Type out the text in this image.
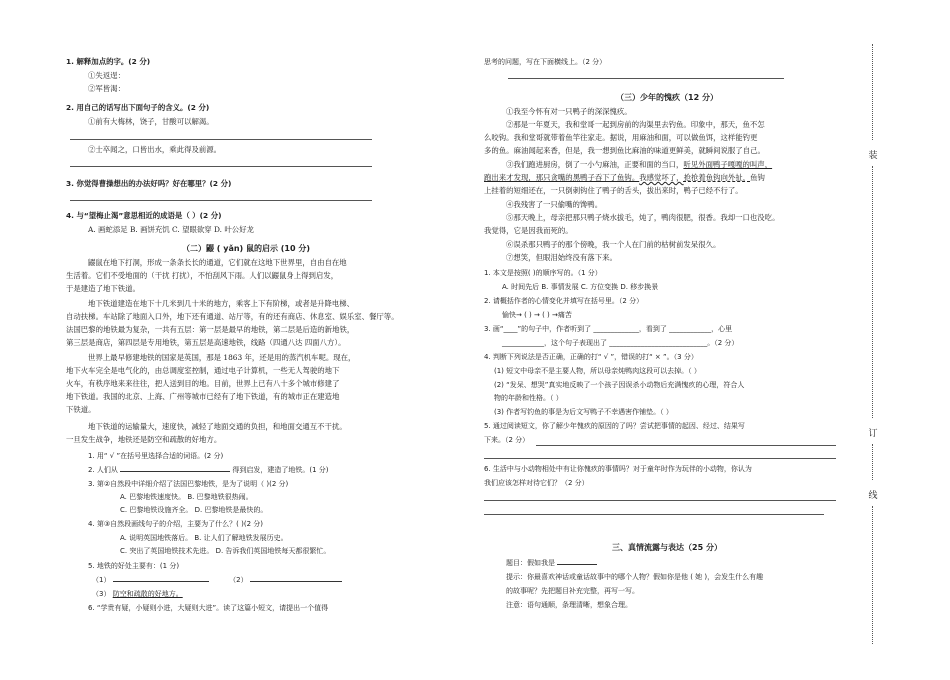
1. 解释加点的字。(2 分)
①失返逞：
②军皆渴：
2. 用自己的话写出下面句子的含义。(2 分)
①前有大梅林，饶子，甘酸可以解渴。
②士卒闻之，口皆出水，乘此得及前源。
3. 你觉得曹操想出的办法好吗？好在哪里？(2 分)
4. 与“望梅止渴”意思相近的成语是（ ）(2 分)
A. 画蛇添足 B. 画饼充饥 C. 望眼欲穿 D. 叶公好龙
（二）鼹 ( yǎn) 鼠的启示 (10 分)
鼹鼠在地下打洞，形成一条条长长的通道，它们就在这地下世界里，自由自在地
生活着。它们不受地面的（干扰 打扰），不怕刮风下雨。人们以鼹鼠身上得到启发，
于是建造了地下铁道。
地下铁道建造在地下十几米到几十米的地方，乘客上下有阶梯，或者是升降电梯、
自动扶梯。车站除了地面入口外，地下还有通道、站厅等，有的还有商店、休息室、娱乐室、餐厅等。
法国巴黎的地铁最为复杂，一共有五层：第一层是最早的地铁，第二层是后造的新地铁，
第三层是商店，第四层是专用地铁，第五层是高速地铁，线路（四通八达 四面八方）。
世界上最早修建地铁的国家是英国，那是 1863 年，还是用的蒸汽机车呢。现在，
地下火车完全是电气化的，由总调度室控制，通过电子计算机，一些无人驾驶的地下
火车，有秩序地来来往往，把人送到目的地。目前，世界上已有八十多个城市修建了
地下铁道。我国的北京、上海、广州等城市已经有了地下铁道，有的城市正在建造地
下铁道。
地下铁道的运输量大，速度快，减轻了地面交通的负担，和地面交通互不干扰。
一旦发生战争，地铁还是防空和疏散的好地方。
1. 用“ √ ”在括号里选择合适的词语。(2 分)
2. 人们从	得到启发，建造了地铁。(1 分)
3. 第②自然段中详细介绍了法国巴黎地铁，是为了说明（ )(2 分)
A. 巴黎地铁速度快。 B. 巴黎地铁很热闹。
C. 巴黎地铁设施齐全。 D. 巴黎地铁是最快的。
4. 第③自然段画线句子的介绍，主要为了什么？( )(2 分)
A. 说明英国地铁落后。 B. 让人们了解地铁发展历史。
C. 突出了英国地铁技术先进。 D. 告诉我们英国地铁每天都很繁忙。
5. 地铁的好处主要有：(1 分)
（1）	（2）
（3） 防空和疏散的好地方。
6. “学贵有疑，小疑则小进，大疑则大进”。读了这篇小短文，请提出一个值得
思考的问题，写在下面横线上。（2 分）
（三）少年的愧疚（12 分）
①我至今怀有对一只鸭子的深深愧疚。
②那是一年夏天，我和堂哥一起到房前的沟渠里去钓鱼。印象中，那天，鱼不怎
么咬钩。我和堂哥就带着鱼竿往家走。据说，用麻油和面，可以做鱼饵，这样能钓更
多的鱼。麻油闻起来香，但是，我一想到鱼比麻油的味道更鲜美，就瞬间说服了自己。
③我们跑进厨房，倒了一小勺麻油，正要和面的当口，听见外面鸭子嘎嘎的叫声，
跑出来才发现，那只贪嘴的黑鸭子吞下了鱼钩。我感觉坏了，抢抢着鱼钩向外扯，鱼钩
上挂着的短细还在，一只倒刺钩住了鸭子的舌头，拔出来时，鸭子已经不行了。
④我残害了一只偷嘴的馋鸭。
⑤那天晚上，母亲把那只鸭子烧水拔毛，炖了，鸭肉很肥，很香。我却一口也没吃。
我觉得，它是因我而死的。
⑥误杀那只鸭子的那个傍晚，我一个人在门前的枯树前发呆很久。
⑦想笑，但眼泪始终没有落下来。
1. 本文是按照( )的顺序写的。（1 分）
A. 时间先后 B. 事情发展 C. 方位变换 D. 移步换景
2. 请概括作者的心情变化并填写在括号里。（2 分）
愉快→ ( ) → ( ) →痛苦
3. 画“____”的句子中，作者听到了 _____________，看到了 ____________，心里
____________，这个句子表现出了 ____________________________。（2 分）
4. 判断下列说法是否正确，正确的打“ √ ”，错误的打“ × ”。（3 分）
(1) 短文中母亲不是主要人物，所以母亲炖鸭肉这段可以去掉。（ ）
(2) “发呆、想哭”真实地反映了一个孩子因误杀小动物后充满愧疚的心理，符合人
物的年龄和性格。（ ）
(3) 作者写钓鱼的事是为后文写鸭子不幸遇害作铺垫。（ ）
5. 通过阅读短文，你了解少年愧疚的原因的了吗？尝试把事情的起因、经过、结果写
下来。（2 分）
6. 生活中与小动物相处中有让你愧疚的事情吗？对于童年时作为玩伴的小动物，你认为
我们应该怎样对待它们？（2 分）
三、真情流露与表达（25 分）
题目：假如我是
提示：你最喜欢神话或童话故事中的哪个人物？假如你是他 ( 她 )，会发生什么有趣
的故事呢？先把题目补充完整，再写一写。
注意：语句通顺，条理清晰，想象合理。
装
订
线
